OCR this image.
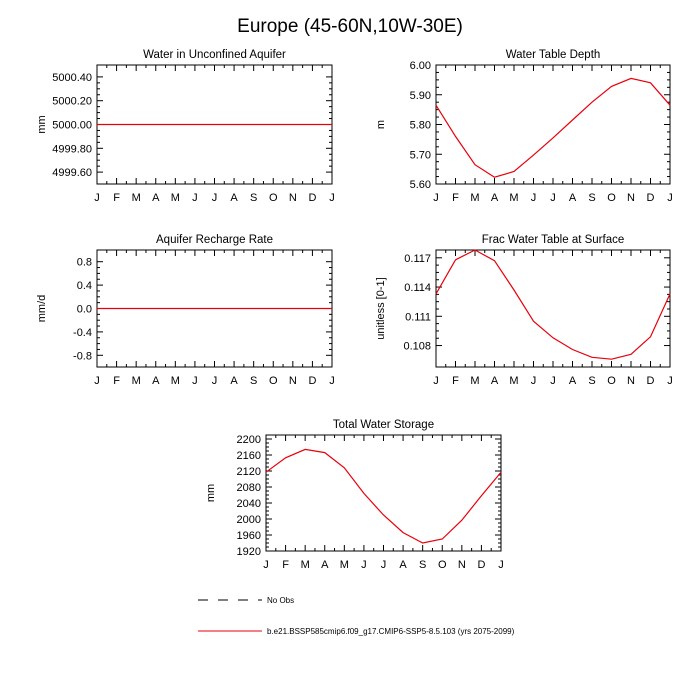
Europe (45-60N,10W-30E)
No Obs
b.e21.BSSP585cmip6.f09_g17.CMIP6-SSP5-8.5.103 (yrs 2075-2099)
Water in Unconfined Aquifer
mm
J F M A M J J A S O N D J
4999.60
4999.80
5000.00
5000.20
5000.40
Water Table Depth
m
J F M A M J J A S O N D J
5.60
5.70
5.80
5.90
6.00
Aquifer Recharge Rate
mm/d
J F M A M J J A S O N D J
-0.8
-0.4
0.0
0.4
0.8
Frac Water Table at Surface
unitless [0-1]
J F M A M J J A S O N D J
0.108
0.111
0.114
0.117
Total Water Storage
mm
J F M A M J J A S O N D J
1920
1960
2000
2040
2080
2120
2160
2200
